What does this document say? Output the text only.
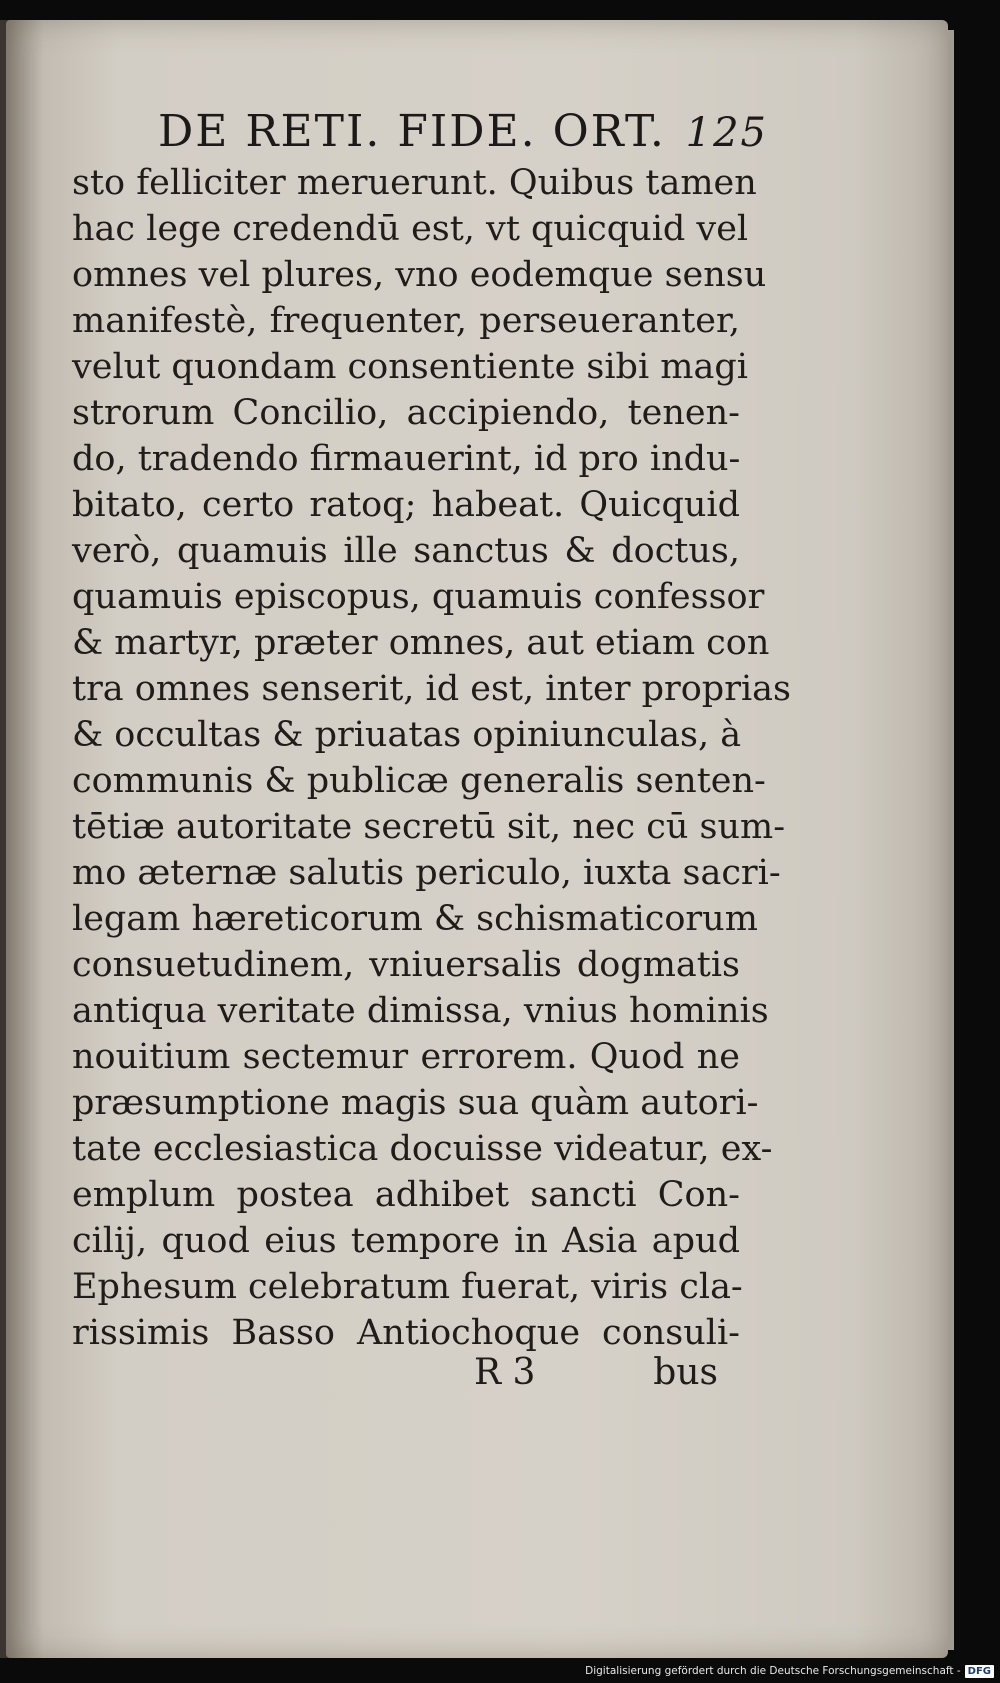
DE RETI. FIDE. ORT. 125
sto felliciter meruerunt. Quibus tamen
hac lege credendū est, vt quicquid vel
omnes vel plures, vno eodemque sensu
manifestè, frequenter, perseueranter,
velut quondam consentiente sibi magi
strorum Concilio, accipiendo, tenen-
do, tradendo firmauerint, id pro indu-
bitato, certo ratoq; habeat. Quicquid
verò, quamuis ille sanctus & doctus,
quamuis episcopus, quamuis confessor
& martyr, præter omnes, aut etiam con
tra omnes senserit, id est, inter proprias
& occultas & priuatas opiniunculas, à
communis & publicæ generalis senten-
tētiæ autoritate secretū sit, nec cū sum-
mo æternæ salutis periculo, iuxta sacri-
legam hæreticorum & schismaticorum
consuetudinem, vniuersalis dogmatis
antiqua veritate dimissa, vnius hominis
nouitium sectemur errorem. Quod ne
præsumptione magis sua quàm autori-
tate ecclesiastica docuisse videatur, ex-
emplum postea adhibet sancti Con-
cilij, quod eius tempore in Asia apud
Ephesum celebratum fuerat, viris cla-
rissimis Basso Antiochoque consuli-
R 3	bus
Digitalisierung gefördert durch die Deutsche Forschungsgemeinschaft - DFG
